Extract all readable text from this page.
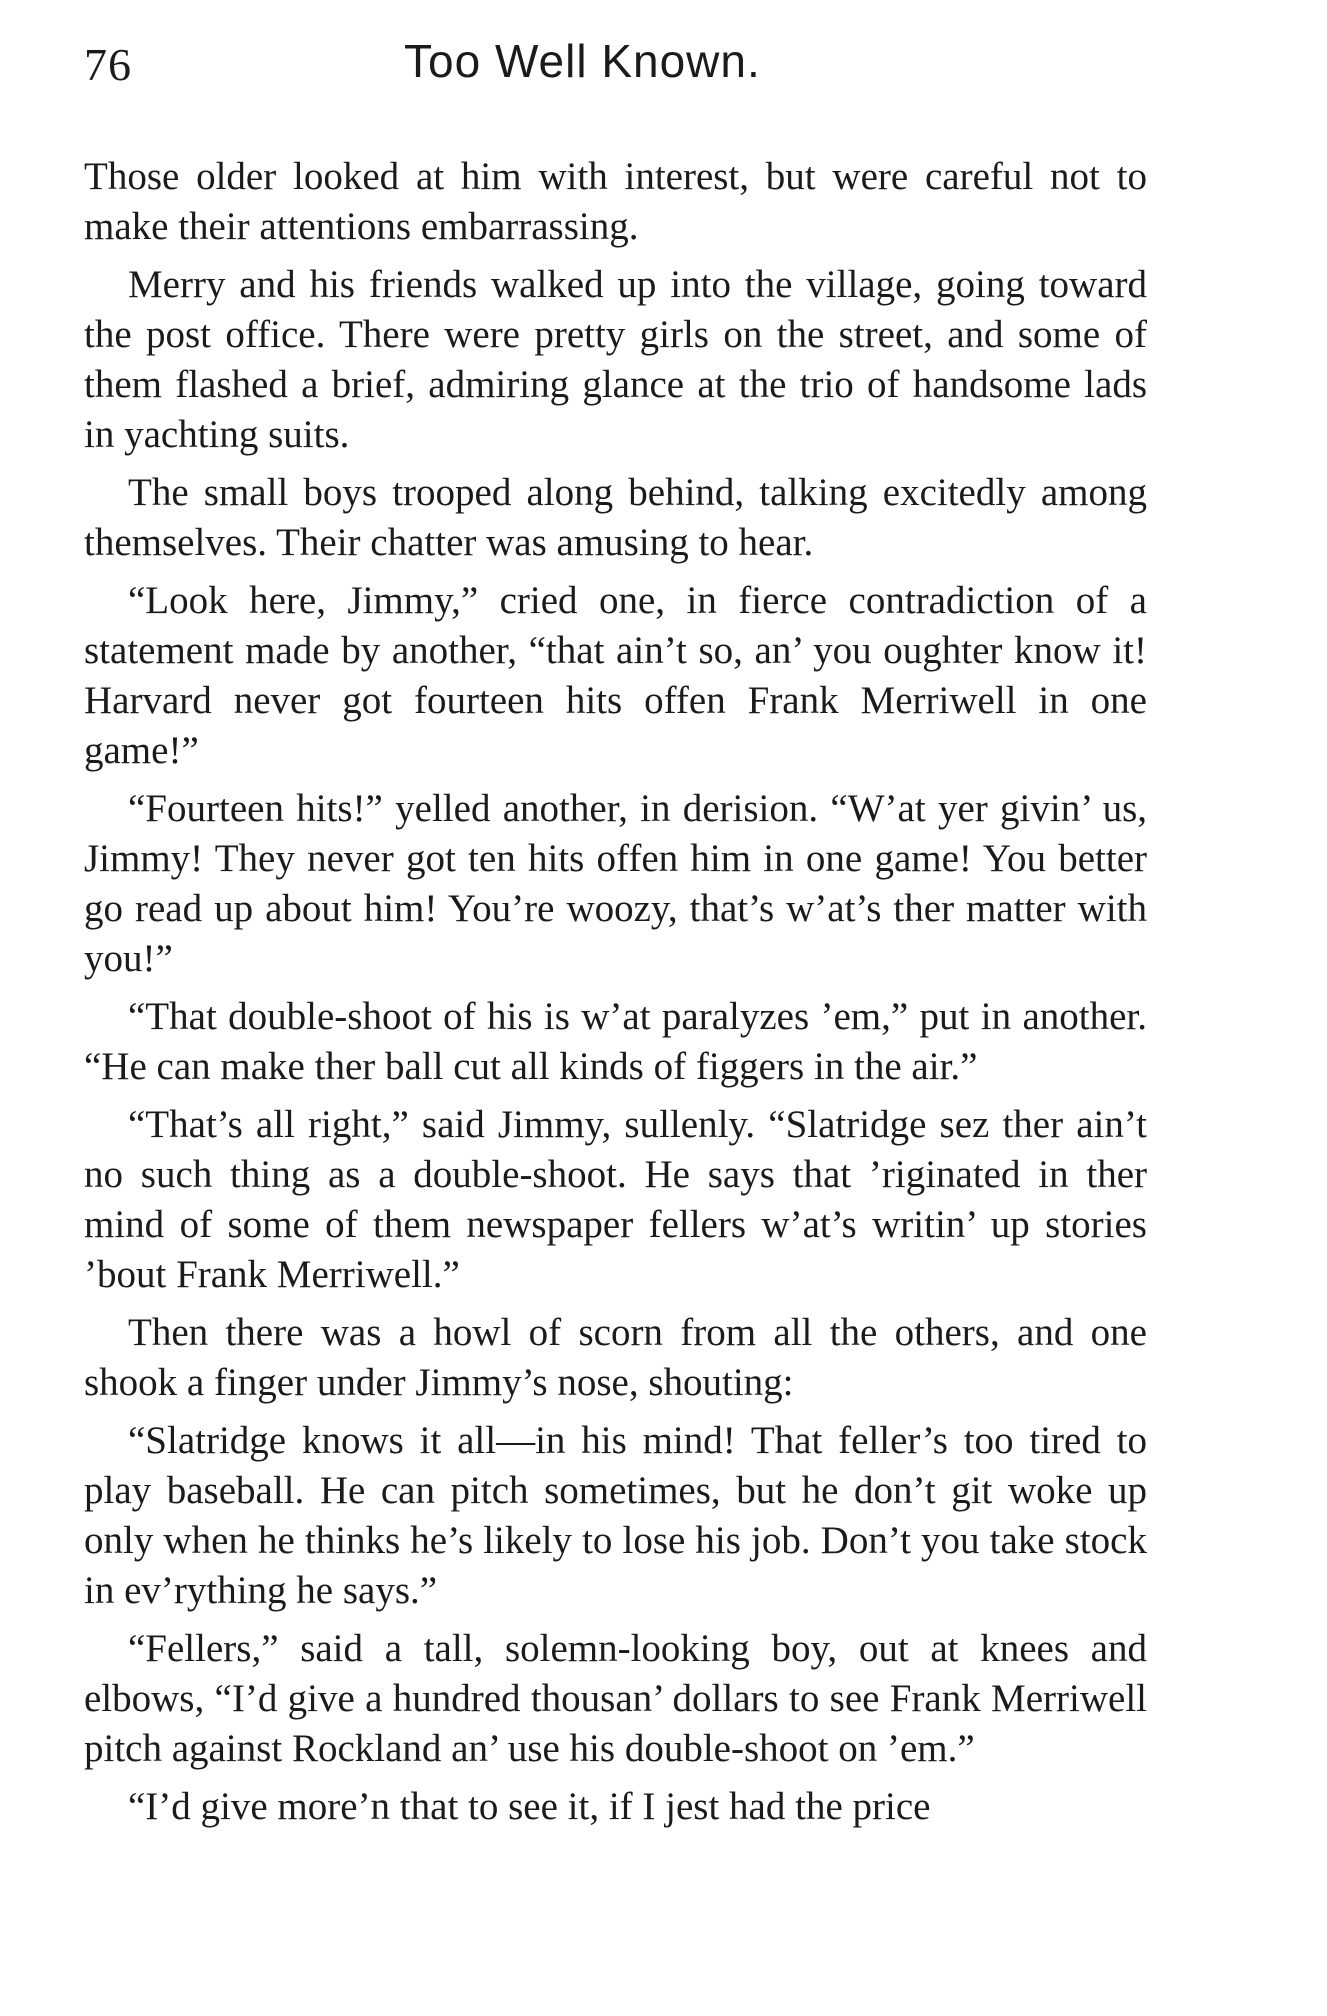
76	Too Well Known.

Those older looked at him with interest, but were careful not to make their attentions embarrassing.

Merry and his friends walked up into the village, going toward the post office. There were pretty girls on the street, and some of them flashed a brief, admiring glance at the trio of handsome lads in yachting suits.

The small boys trooped along behind, talking excitedly among themselves. Their chatter was amusing to hear.

“Look here, Jimmy,” cried one, in fierce contradiction of a statement made by another, “that ain’t so, an’ you oughter know it! Harvard never got fourteen hits offen Frank Merriwell in one game!”

“Fourteen hits!” yelled another, in derision. “W’at yer givin’ us, Jimmy! They never got ten hits offen him in one game! You better go read up about him! You’re woozy, that’s w’at’s ther matter with you!”

“That double-shoot of his is w’at paralyzes ’em,” put in another. “He can make ther ball cut all kinds of figgers in the air.”

“That’s all right,” said Jimmy, sullenly. “Slatridge sez ther ain’t no such thing as a double-shoot. He says that ’riginated in ther mind of some of them newspaper fellers w’at’s writin’ up stories ’bout Frank Merriwell.”

Then there was a howl of scorn from all the others, and one shook a finger under Jimmy’s nose, shouting:

“Slatridge knows it all—in his mind! That feller’s too tired to play baseball. He can pitch sometimes, but he don’t git woke up only when he thinks he’s likely to lose his job. Don’t you take stock in ev’rything he says.”

“Fellers,” said a tall, solemn-looking boy, out at knees and elbows, “I’d give a hundred thousan’ dollars to see Frank Merriwell pitch against Rockland an’ use his double-shoot on ’em.”

“I’d give more’n that to see it, if I jest had the price
